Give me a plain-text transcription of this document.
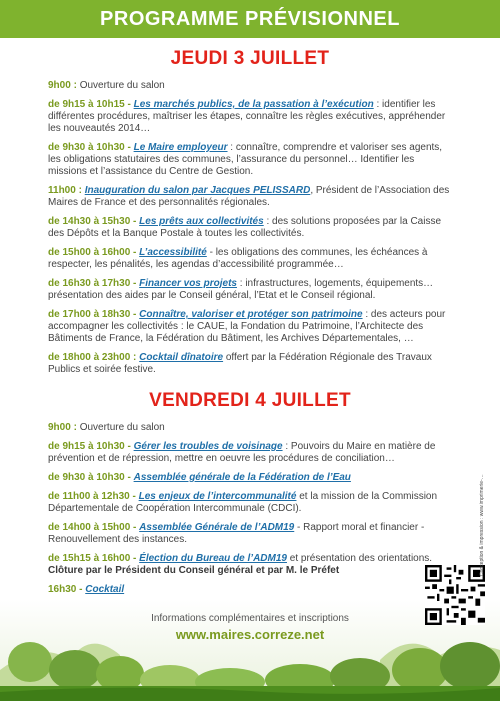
PROGRAMME PRÉVISIONNEL
JEUDI 3 JUILLET
9h00 : Ouverture du salon
de 9h15 à 10h15 - Les marchés publics, de la passation à l’exécution : identifier les différentes procédures, maîtriser les étapes, connaître les règles exécutives, appréhender les nouveautés 2014…
de 9h30 à 10h30 - Le Maire employeur : connaître, comprendre et valoriser ses agents, les obligations statutaires des communes, l’assurance du personnel… Identifier les missions et l’assistance du Centre de Gestion.
11h00 : Inauguration du salon par Jacques PELISSARD, Président de l’Association des Maires de France et des personnalités régionales.
de 14h30 à 15h30 - Les prêts aux collectivités : des solutions proposées par la Caisse des Dépôts et la Banque Postale à toutes les collectivités.
de 15h00 à 16h00 - L’accessibilité - les obligations des communes, les échéances à respecter, les pénalités, les agendas d’accessibilité programmée…
de 16h30 à 17h30 - Financer vos projets : infrastructures, logements, équipements… présentation des aides par le Conseil général, l’Etat et le Conseil régional.
de 17h00 à 18h30 - Connaître, valoriser et protéger son patrimoine : des acteurs pour accompagner les collectivités : le CAUE, la Fondation du Patrimoine, l’Architecte des Bâtiments de France, la Fédération du Bâtiment, les Archives Départementales, …
de 18h00 à 23h00 : Cocktail dînatoire offert par la Fédération Régionale des Travaux Publics et soirée festive.
VENDREDI 4 JUILLET
9h00 : Ouverture du salon
de 9h15 à 10h30 - Gérer les troubles de voisinage : Pouvoirs du Maire en matière de prévention et de répression, mettre en oeuvre les procédures de conciliation…
de 9h30 à 10h30 - Assemblée générale de la Fédération de l’Eau
de 11h00 à 12h30 - Les enjeux de l’intercommunalité et la mission de la Commission Départementale de Coopération Intercommunale (CDCI).
de 14h00 à 15h00 - Assemblée Générale de l’ADM19 - Rapport moral et financier - Renouvellement des instances.
de 15h15 à 16h00 - Élection du Bureau de l’ADM19 et présentation des orientations.
Clôture par le Président du Conseil général et par M. le Préfet
16h30 - Cocktail
Informations complémentaires et inscriptions
www.maires.correze.net
Conception & impression : www.imprimerie-…
